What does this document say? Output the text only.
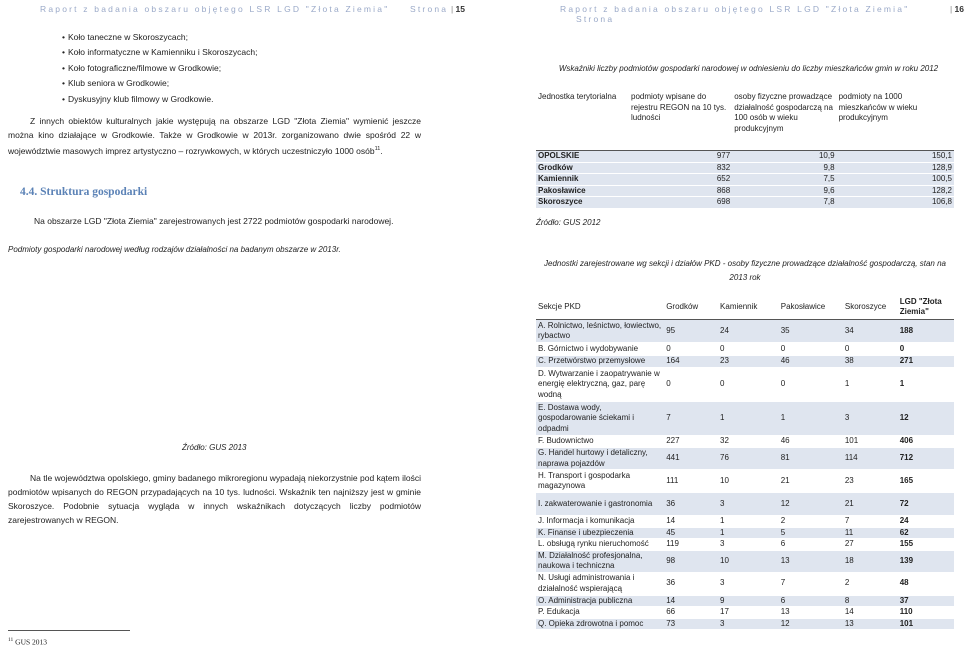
Raport z badania obszaru objętego LSR LGD "Złota Ziemia" Strona | 15
• Koło taneczne w Skoroszycach;
• Koło informatyczne w Kamienniku i Skoroszycach;
• Koło fotograficzne/filmowe w Grodkowie;
• Klub seniora w Grodkowie;
• Dyskusyjny klub filmowy w Grodkowie.
Z innych obiektów kulturalnych jakie występują na obszarze LGD "Złota Ziemia" wymienić jeszcze można kino działające w Grodkowie. Także w Grodkowie w 2013r. zorganizowano dwie spośród 22 w województwie masowych imprez artystyczno – rozrywkowych, w których uczestniczyło 1000 osób$^{11}$.
4.4. Struktura gospodarki
Na obszarze LGD "Złota Ziemia" zarejestrowanych jest 2722 podmiotów gospodarki narodowej.
Podmioty gospodarki narodowej według rodzajów działalności na badanym obszarze w 2013r.
Źródło: GUS 2013
Na tle województwa opolskiego, gminy badanego mikroregionu wypadają niekorzystnie pod kątem ilości podmiotów wpisanych do REGON przypadających na 10 tys. ludności. Wskaźnik ten najniższy jest w gminie Skoroszyce. Podobnie sytuacja wygląda w innych wskaźnikach dotyczących liczby podmiotów zarejestrowanych w REGON.
$^{11}$ GUS 2013
Raport z badania obszaru objętego LSR LGD "Złota Ziemia" Strona
| 16
Wskaźniki liczby podmiotów gospodarki narodowej w odniesieniu do liczby mieszkańców gmin w roku 2012
Jednostka terytorialna	podmioty wpisane do rejestru REGON na 10 tys. ludności	osoby fizyczne prowadzące działalność gospodarczą na 100 osób w wieku produkcyjnym	podmioty na 1000 mieszkańców w wieku produkcyjnym
OPOLSKIE	977	10,9	150,1
Grodków	832	9,8	128,9
Kamiennik	652	7,5	100,5
Pakosławice	868	9,6	128,2
Skoroszyce	698	7,8	106,8
Źródło: GUS 2012
Jednostki zarejestrowane wg sekcji i działów PKD - osoby fizyczne prowadzące działalność gospodarczą, stan na 2013 rok
Sekcje PKD	Grodków	Kamiennik	Pakosławice	Skoroszyce	LGD "Złota Ziemia"
A. Rolnictwo, leśnictwo, łowiectwo, rybactwo	95	24	35	34	188
B. Górnictwo i wydobywanie	0	0	0	0	0
C. Przetwórstwo przemysłowe	164	23	46	38	271
D. Wytwarzanie i zaopatrywanie w energię elektryczną, gaz, parę wodną	0	0	0	1	1
E. Dostawa wody, gospodarowanie ściekami i odpadmi	7	1	1	3	12
F. Budownictwo	227	32	46	101	406
G. Handel hurtowy i detaliczny, naprawa pojazdów	441	76	81	114	712
H. Transport i gospodarka magazynowa	111	10	21	23	165
I. zakwaterowanie i gastronomia	36	3	12	21	72
J. Informacja i komunikacja	14	1	2	7	24
K. Finanse i ubezpieczenia	45	1	5	11	62
L. obsługą rynku nieruchomość	119	3	6	27	155
M. Działalność profesjonalna, naukowa i techniczna	98	10	13	18	139
N. Usługi administrowania i działalność wspierającą	36	3	7	2	48
O. Administracja publiczna	14	9	6	8	37
P. Edukacja	66	17	13	14	110
Q. Opieka zdrowotna i pomoc	73	3	12	13	101
